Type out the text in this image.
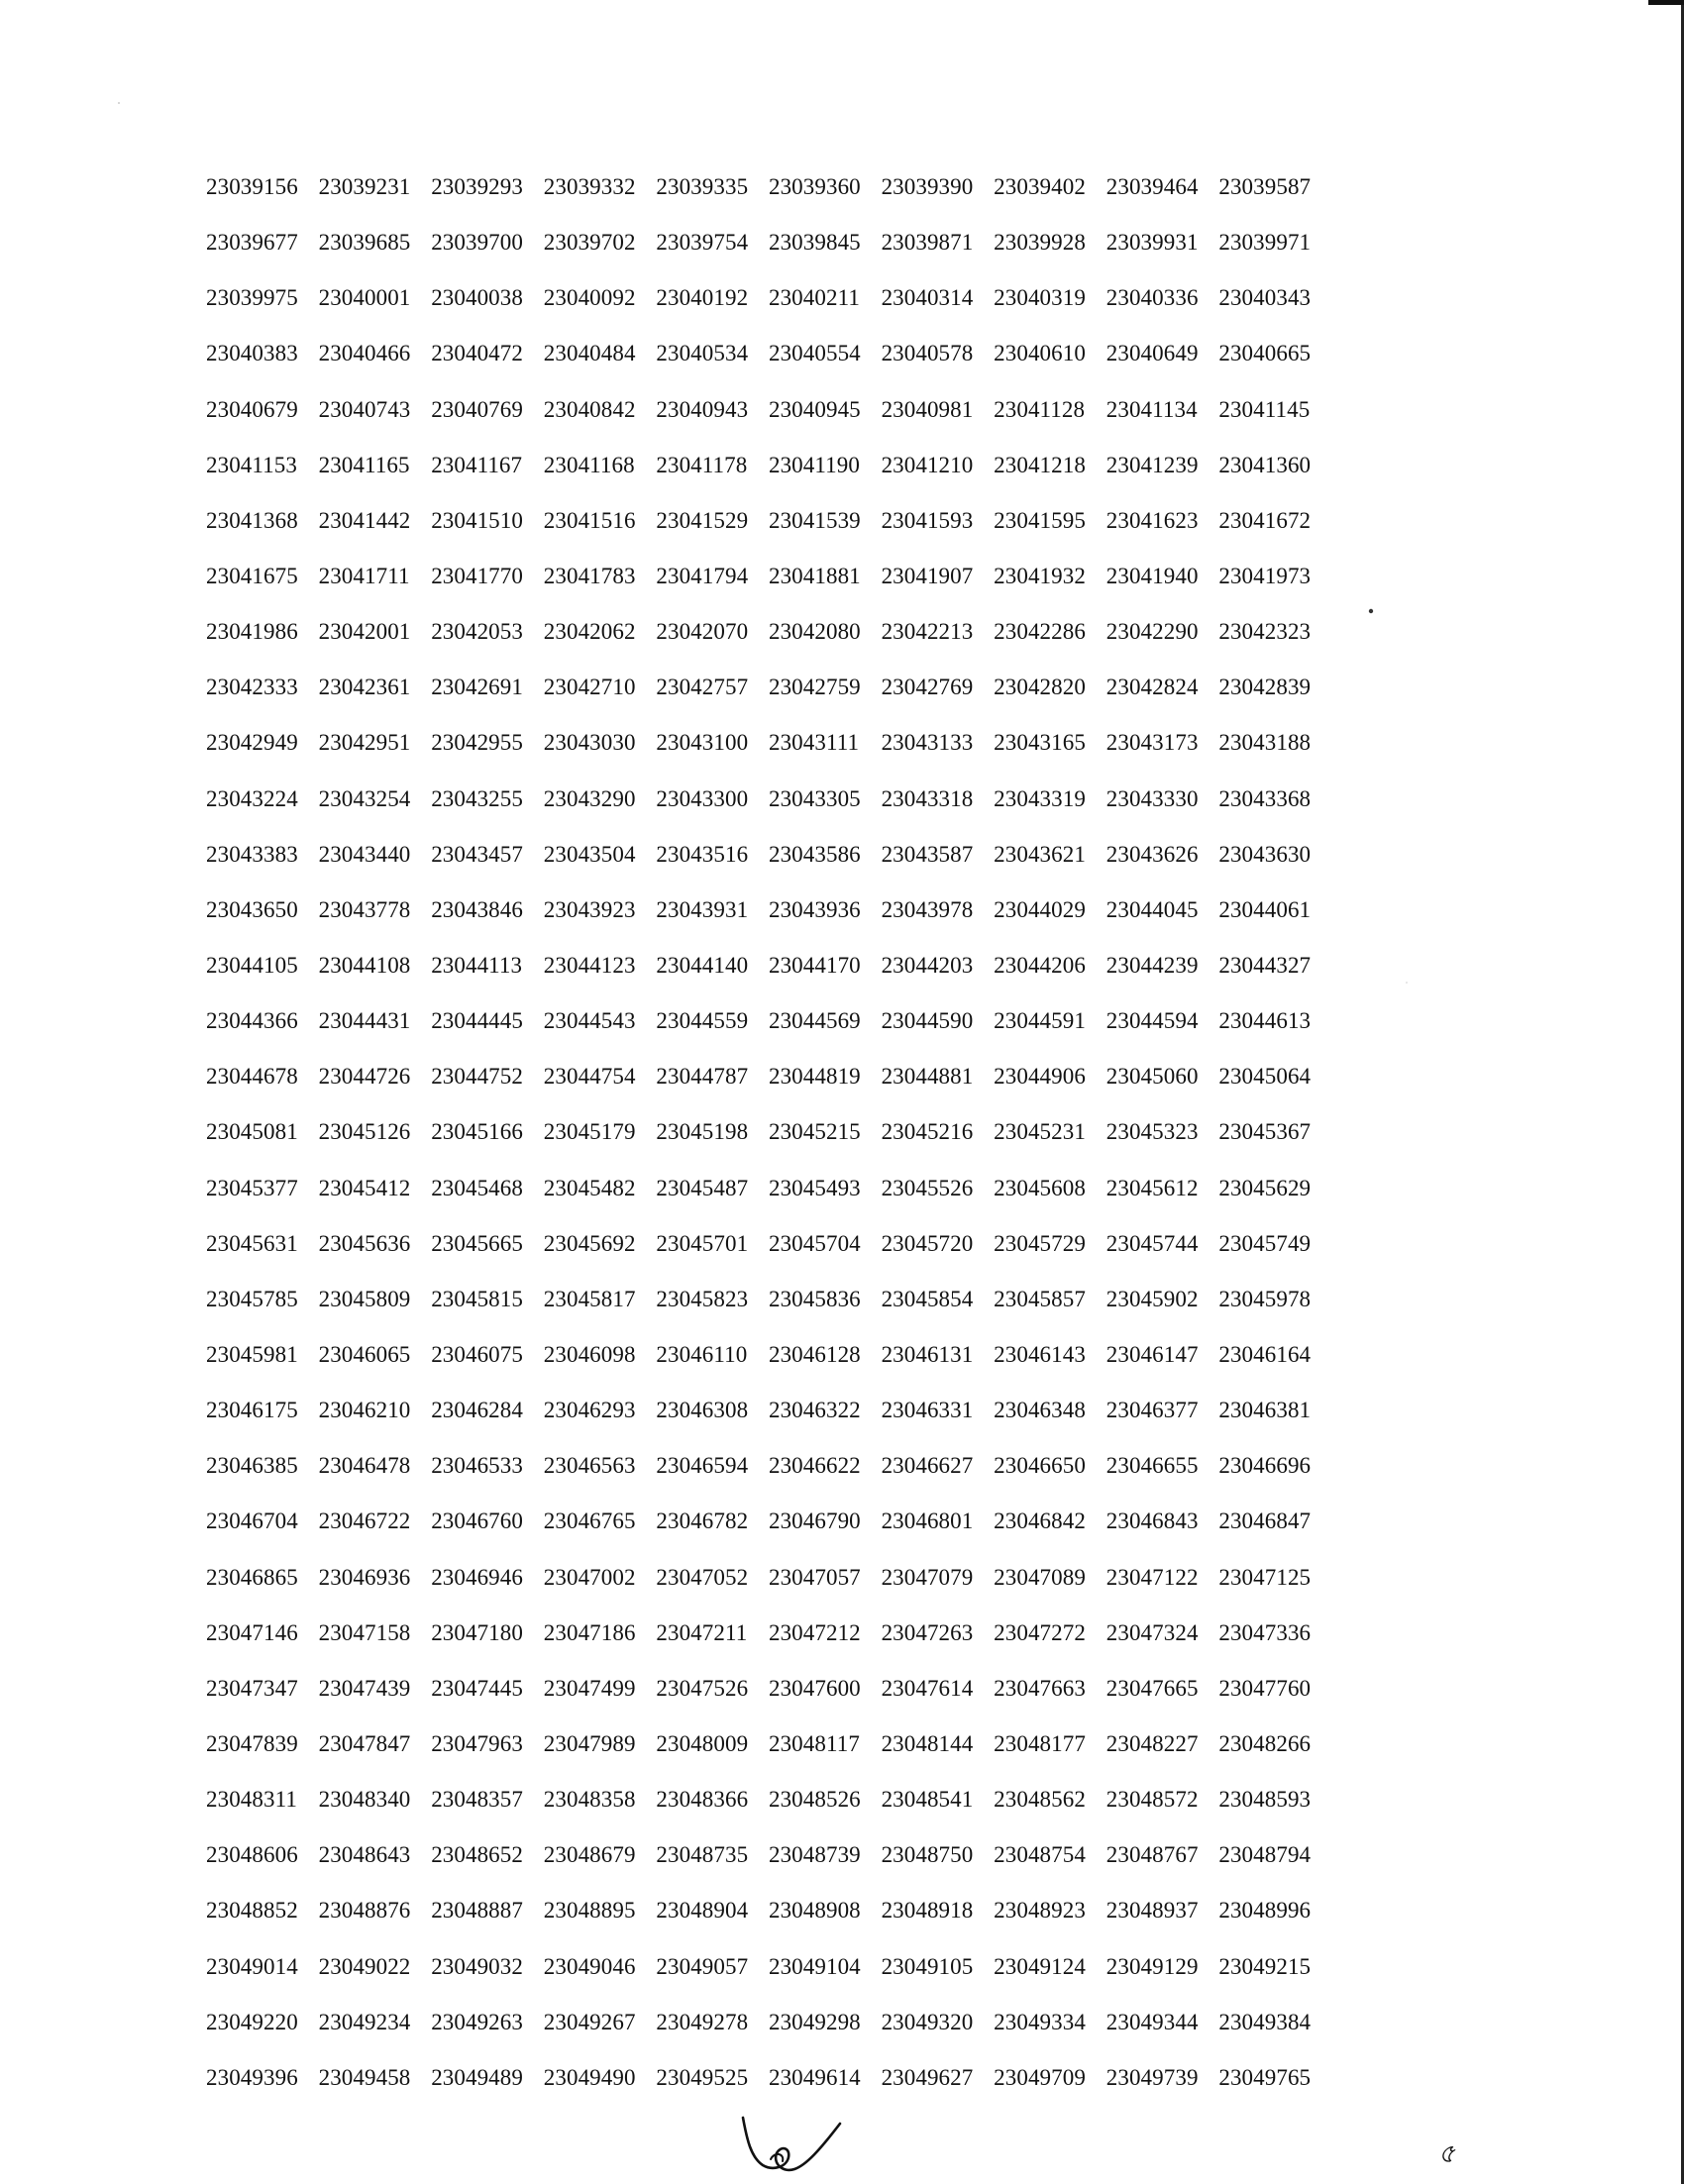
23039156 23039231 23039293 23039332 23039335 23039360 23039390 23039402 23039464 23039587
23039677 23039685 23039700 23039702 23039754 23039845 23039871 23039928 23039931 23039971
23039975 23040001 23040038 23040092 23040192 23040211 23040314 23040319 23040336 23040343
23040383 23040466 23040472 23040484 23040534 23040554 23040578 23040610 23040649 23040665
23040679 23040743 23040769 23040842 23040943 23040945 23040981 23041128 23041134 23041145
23041153 23041165 23041167 23041168 23041178 23041190 23041210 23041218 23041239 23041360
23041368 23041442 23041510 23041516 23041529 23041539 23041593 23041595 23041623 23041672
23041675 23041711 23041770 23041783 23041794 23041881 23041907 23041932 23041940 23041973
23041986 23042001 23042053 23042062 23042070 23042080 23042213 23042286 23042290 23042323
23042333 23042361 23042691 23042710 23042757 23042759 23042769 23042820 23042824 23042839
23042949 23042951 23042955 23043030 23043100 23043111 23043133 23043165 23043173 23043188
23043224 23043254 23043255 23043290 23043300 23043305 23043318 23043319 23043330 23043368
23043383 23043440 23043457 23043504 23043516 23043586 23043587 23043621 23043626 23043630
23043650 23043778 23043846 23043923 23043931 23043936 23043978 23044029 23044045 23044061
23044105 23044108 23044113 23044123 23044140 23044170 23044203 23044206 23044239 23044327
23044366 23044431 23044445 23044543 23044559 23044569 23044590 23044591 23044594 23044613
23044678 23044726 23044752 23044754 23044787 23044819 23044881 23044906 23045060 23045064
23045081 23045126 23045166 23045179 23045198 23045215 23045216 23045231 23045323 23045367
23045377 23045412 23045468 23045482 23045487 23045493 23045526 23045608 23045612 23045629
23045631 23045636 23045665 23045692 23045701 23045704 23045720 23045729 23045744 23045749
23045785 23045809 23045815 23045817 23045823 23045836 23045854 23045857 23045902 23045978
23045981 23046065 23046075 23046098 23046110 23046128 23046131 23046143 23046147 23046164
23046175 23046210 23046284 23046293 23046308 23046322 23046331 23046348 23046377 23046381
23046385 23046478 23046533 23046563 23046594 23046622 23046627 23046650 23046655 23046696
23046704 23046722 23046760 23046765 23046782 23046790 23046801 23046842 23046843 23046847
23046865 23046936 23046946 23047002 23047052 23047057 23047079 23047089 23047122 23047125
23047146 23047158 23047180 23047186 23047211 23047212 23047263 23047272 23047324 23047336
23047347 23047439 23047445 23047499 23047526 23047600 23047614 23047663 23047665 23047760
23047839 23047847 23047963 23047989 23048009 23048117 23048144 23048177 23048227 23048266
23048311 23048340 23048357 23048358 23048366 23048526 23048541 23048562 23048572 23048593
23048606 23048643 23048652 23048679 23048735 23048739 23048750 23048754 23048767 23048794
23048852 23048876 23048887 23048895 23048904 23048908 23048918 23048923 23048937 23048996
23049014 23049022 23049032 23049046 23049057 23049104 23049105 23049124 23049129 23049215
23049220 23049234 23049263 23049267 23049278 23049298 23049320 23049334 23049344 23049384
23049396 23049458 23049489 23049490 23049525 23049614 23049627 23049709 23049739 23049765
৫
